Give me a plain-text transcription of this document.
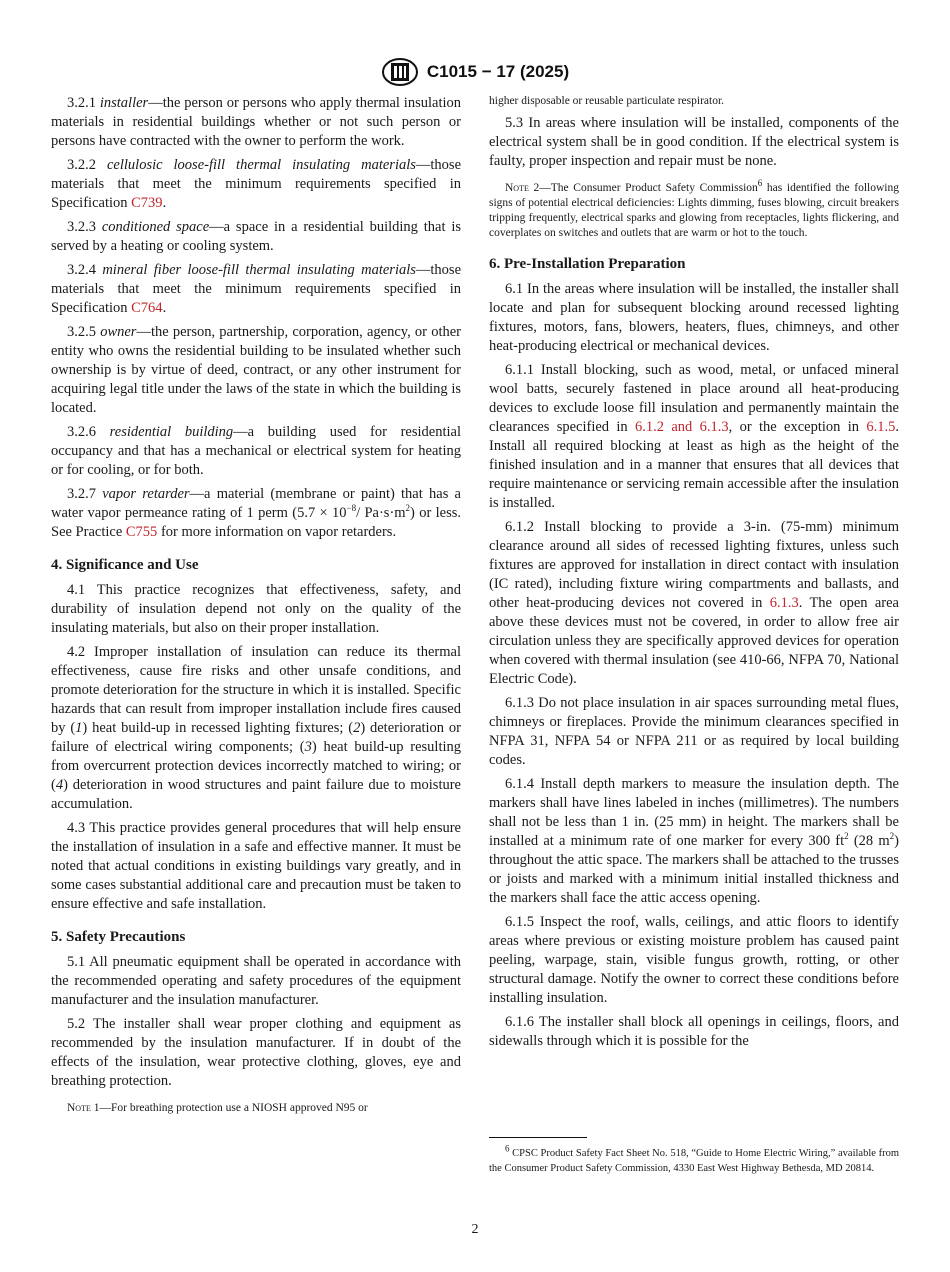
C1015 − 17 (2025)

3.2.1 installer—the person or persons who apply thermal insulation materials in residential buildings whether or not such person or persons have contracted with the owner to perform the work.

3.2.2 cellulosic loose-fill thermal insulating materials—those materials that meet the minimum requirements specified in Specification C739.

3.2.3 conditioned space—a space in a residential building that is served by a heating or cooling system.

3.2.4 mineral fiber loose-fill thermal insulating materials—those materials that meet the minimum requirements specified in Specification C764.

3.2.5 owner—the person, partnership, corporation, agency, or other entity who owns the residential building to be insulated whether such ownership is by virtue of deed, contract, or any other instrument for acquiring legal title under the laws of the state in which the building is located.

3.2.6 residential building—a building used for residential occupancy and that has a mechanical or electrical system for heating or for cooling, or for both.

3.2.7 vapor retarder—a material (membrane or paint) that has a water vapor permeance rating of 1 perm ($5.7 \times 10^{-8}/$ $Pa\cdot s\cdot m^2$) or less. See Practice C755 for more information on vapor retarders.

4. Significance and Use

4.1 This practice recognizes that effectiveness, safety, and durability of insulation depend not only on the quality of the insulating materials, but also on their proper installation.

4.2 Improper installation of insulation can reduce its thermal effectiveness, cause fire risks and other unsafe conditions, and promote deterioration for the structure in which it is installed. Specific hazards that can result from improper installation include fires caused by (1) heat build-up in recessed lighting fixtures; (2) deterioration or failure of electrical wiring components; (3) heat build-up resulting from overcurrent protection devices incorrectly matched to wiring; or (4) deterioration in wood structures and paint failure due to moisture accumulation.

4.3 This practice provides general procedures that will help ensure the installation of insulation in a safe and effective manner. It must be noted that actual conditions in existing buildings vary greatly, and in some cases substantial additional care and precaution must be taken to ensure effective and safe installation.

5. Safety Precautions

5.1 All pneumatic equipment shall be operated in accordance with the recommended operating and safety procedures of the equipment manufacturer and the insulation manufacturer.

5.2 The installer shall wear proper clothing and equipment as recommended by the insulation manufacturer. If in doubt of the effects of the insulation, wear protective clothing, gloves, eye and breathing protection.

Note 1—For breathing protection use a NIOSH approved N95 or

higher disposable or reusable particulate respirator.

5.3 In areas where insulation will be installed, components of the electrical system shall be in good condition. If the electrical system is faulty, proper inspection and repair must be none.

Note 2—The Consumer Product Safety Commission$^6$ has identified the following signs of potential electrical deficiencies: Lights dimming, fuses blowing, circuit breakers tripping frequently, electrical sparks and glowing from receptacles, lights flickering, and coverplates on switches and outlets that are warm or hot to the touch.

6. Pre-Installation Preparation

6.1 In the areas where insulation will be installed, the installer shall locate and plan for subsequent blocking around recessed lighting fixtures, motors, fans, blowers, heaters, flues, chimneys, and other heat-producing electrical or mechanical devices.

6.1.1 Install blocking, such as wood, metal, or unfaced mineral wool batts, securely fastened in place around all heat-producing devices to exclude loose fill insulation and permanently maintain the clearances specified in 6.1.2 and 6.1.3, or the exception in 6.1.5. Install all required blocking at least as high as the height of the finished insulation and in a manner that ensures that all devices that require maintenance or servicing remain accessible after the insulation is installed.

6.1.2 Install blocking to provide a 3-in. (75-mm) minimum clearance around all sides of recessed lighting fixtures, unless such fixtures are approved for installation in direct contact with insulation (IC rated), including fixture wiring compartments and ballasts, and other heat-producing devices not covered in 6.1.3. The open area above these devices must not be covered, in order to allow free air circulation unless they are specifically approved devices for operation when covered with thermal insulation (see 410-66, NFPA 70, National Electric Code).

6.1.3 Do not place insulation in air spaces surrounding metal flues, chimneys or fireplaces. Provide the minimum clearances specified in NFPA 31, NFPA 54 or NFPA 211 or as required by local building codes.

6.1.4 Install depth markers to measure the insulation depth. The markers shall have lines labeled in inches (millimetres). The numbers shall not be less than 1 in. (25 mm) in height. The markers shall be installed at a minimum rate of one marker for every 300 $ft^2$ (28 $m^2$) throughout the attic space. The markers shall be attached to the trusses or joists and marked with a minimum initial installed thickness and the markers shall face the attic access opening.

6.1.5 Inspect the roof, walls, ceilings, and attic floors to identify areas where previous or existing moisture problem has caused paint peeling, warpage, stain, visible fungus growth, rotting, or other structural damage. Notify the owner to correct these conditions before installing insulation.

6.1.6 The installer shall block all openings in ceilings, floors, and sidewalls through which it is possible for the

$^6$ CPSC Product Safety Fact Sheet No. 518, “Guide to Home Electric Wiring,” available from the Consumer Product Safety Commission, 4330 East West Highway Bethesda, MD 20814.
2
